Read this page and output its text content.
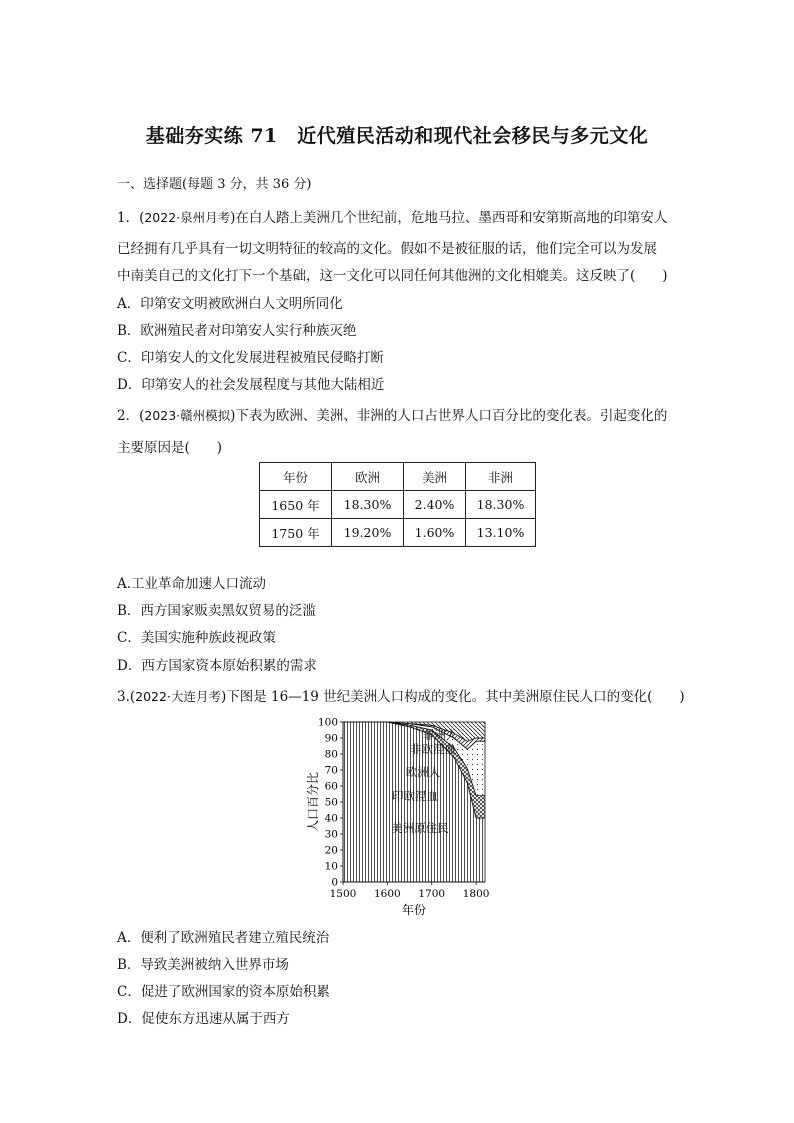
基础夯实练 71　近代殖民活动和现代社会移民与多元文化
一、选择题(每题 3 分，共 36 分)
1．(2022·泉州月考)在白人踏上美洲几个世纪前，危地马拉、墨西哥和安第斯高地的印第安人
已经拥有几乎具有一切文明特征的较高的文化。假如不是被征服的话，他们完全可以为发展
中南美自己的文化打下一个基础，这一文化可以同任何其他洲的文化相媲美。这反映了(　　)
A．印第安文明被欧洲白人文明所同化
B．欧洲殖民者对印第安人实行种族灭绝
C．印第安人的文化发展进程被殖民侵略打断
D．印第安人的社会发展程度与其他大陆相近
2．(2023·赣州模拟)下表为欧洲、美洲、非洲的人口占世界人口百分比的变化表。引起变化的
主要原因是(　　)
年份	欧洲	美洲	非洲
1650 年	18.30%	2.40%	18.30%
1750 年	19.20%	1.60%	13.10%
A.工业革命加速人口流动
B．西方国家贩卖黑奴贸易的泛滥
C．美国实施种族歧视政策
D．西方国家资本原始积累的需求
3.(2022·大连月考)下图是 16—19 世纪美洲人口构成的变化。其中美洲原住民人口的变化(　　)
0
10
20
30
40
50
60
70
80
90
100
1500 1600 1700 1800
非洲人
非欧混血
欧洲人
印欧混血
美洲原住民
人口百分比
年份
A．便利了欧洲殖民者建立殖民统治
B．导致美洲被纳入世界市场
C．促进了欧洲国家的资本原始积累
D．促使东方迅速从属于西方
